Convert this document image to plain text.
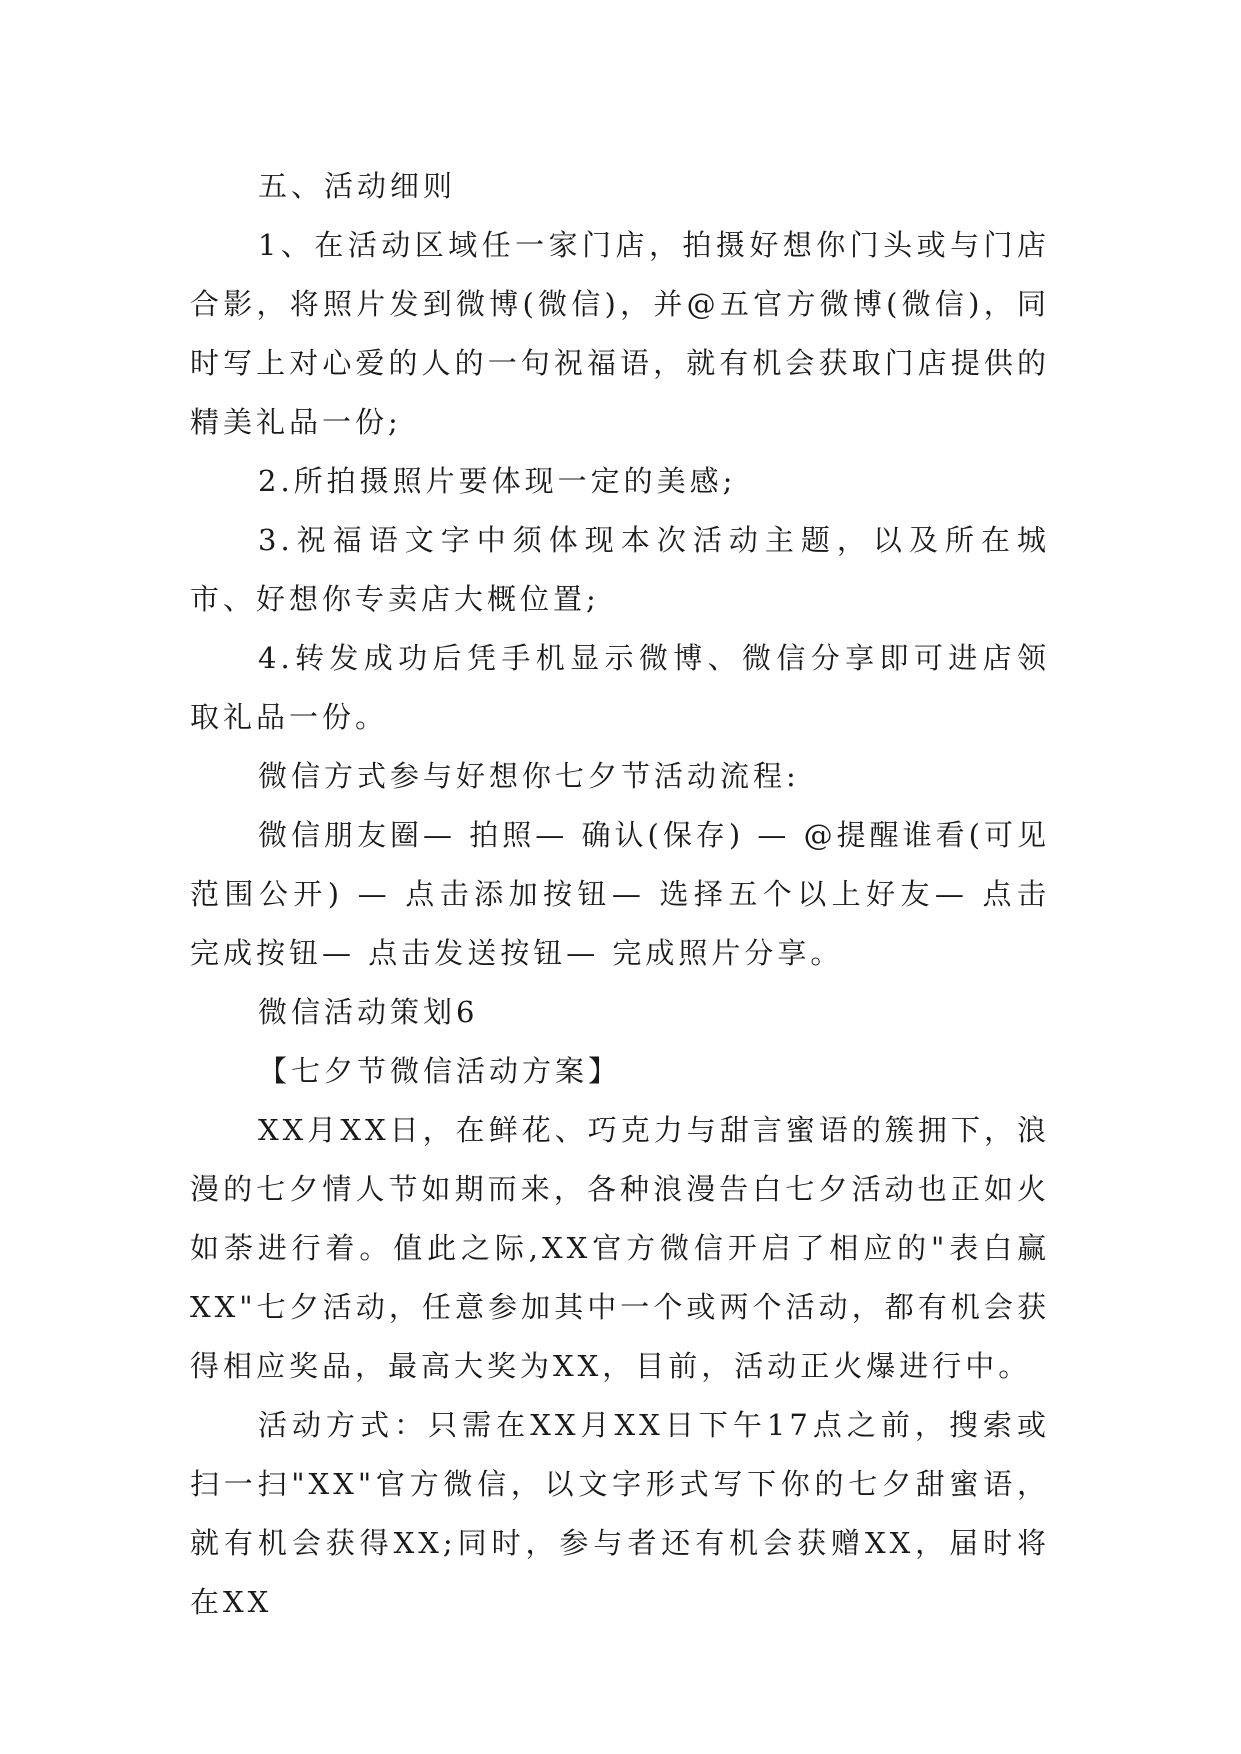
五、活动细则

1、在活动区域任一家门店，拍摄好想你门头或与门店合影，将照片发到微博(微信)，并@五官方微博(微信)，同时写上对心爱的人的一句祝福语，就有机会获取门店提供的精美礼品一份;

2.所拍摄照片要体现一定的美感;

3.祝福语文字中须体现本次活动主题，以及所在城市、好想你专卖店大概位置;

4.转发成功后凭手机显示微博、微信分享即可进店领取礼品一份。

微信方式参与好想你七夕节活动流程:

微信朋友圈— 拍照— 确认(保存) — @提醒谁看(可见范围公开) — 点击添加按钮— 选择五个以上好友— 点击完成按钮— 点击发送按钮— 完成照片分享。

微信活动策划6

【七夕节微信活动方案】

XX月XX日，在鲜花、巧克力与甜言蜜语的簇拥下，浪漫的七夕情人节如期而来，各种浪漫告白七夕活动也正如火如荼进行着。值此之际,XX官方微信开启了相应的"表白赢XX"七夕活动，任意参加其中一个或两个活动，都有机会获得相应奖品，最高大奖为XX，目前，活动正火爆进行中。

活动方式：只需在XX月XX日下午17点之前，搜索或扫一扫"XX"官方微信，以文字形式写下你的七夕甜蜜语，就有机会获得XX;同时，参与者还有机会获赠XX，届时将在XX
